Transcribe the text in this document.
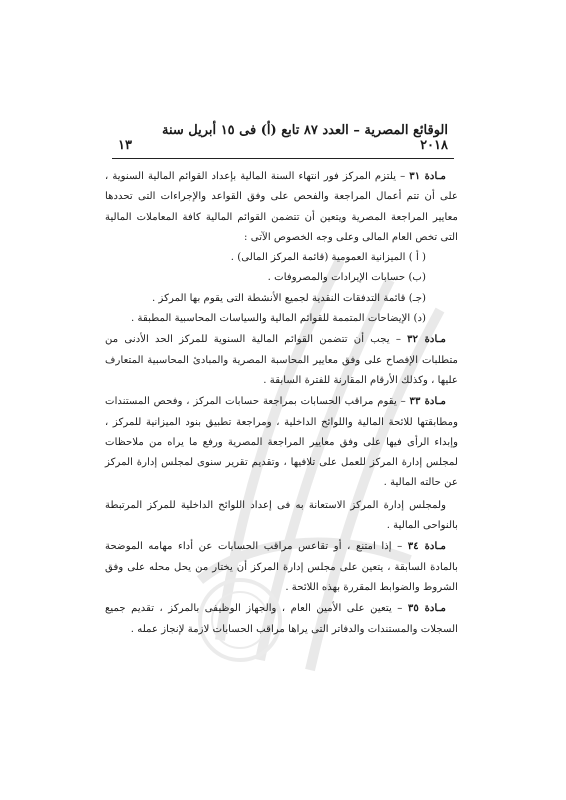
الوقائع المصرية – العدد ٨٧ تابع (أ) فى ١٥ أبريل سنة ٢٠١٨
١٣

مـادة ٣١ – يلتزم المركز فور انتهاء السنة المالية بإعداد القوائم المالية السنوية ، على أن تتم أعمال المراجعة والفحص على وفق القواعد والإجراءات التى تحددها معايير المراجعة المصرية ويتعين أن تتضمن القوائم المالية كافة المعاملات المالية التى تخص العام المالى وعلى وجه الخصوص الآتى :

( أ ) الميزانية العمومية (قائمة المركز المالى) .

(ب) حسابات الإيرادات والمصروفات .

(جـ) قائمة التدفقات النقدية لجميع الأنشطة التى يقوم بها المركز .

(د) الإيضاحات المتممة للقوائم المالية والسياسات المحاسبية المطبقة .

مـادة ٣٢ – يجب أن تتضمن القوائم المالية السنوية للمركز الحد الأدنى من متطلبات الإفصاح على وفق معايير المحاسبة المصرية والمبادئ المحاسبية المتعارف عليها ، وكذلك الأرقام المقارنة للفترة السابقة .

مـادة ٣٣ – يقوم مراقب الحسابات بمراجعة حسابات المركز ، وفحص المستندات ومطابقتها للائحة المالية واللوائح الداخلية ، ومراجعة تطبيق بنود الميزانية للمركز ، وإبداء الرأى فيها على وفق معايير المراجعة المصرية ورفع ما يراه من ملاحظات لمجلس إدارة المركز للعمل على تلافيها ، وتقديم تقرير سنوى لمجلس إدارة المركز عن حالته المالية .

ولمجلس إدارة المركز الاستعانة به فى إعداد اللوائح الداخلية للمركز المرتبطة بالنواحى المالية .

مـادة ٣٤ – إذا امتنع ، أو تقاعس مراقب الحسابات عن أداء مهامه الموضحة بالمادة السابقة ، يتعين على مجلس إدارة المركز أن يختار من يحل محله على وفق الشروط والضوابط المقررة بهذه اللائحة .

مـادة ٣٥ – يتعين على الأمين العام ، والجهاز الوظيفى بالمركز ، تقديم جميع السجلات والمستندات والدفاتر التى يراها مراقب الحسابات لازمة لإنجاز عمله .
